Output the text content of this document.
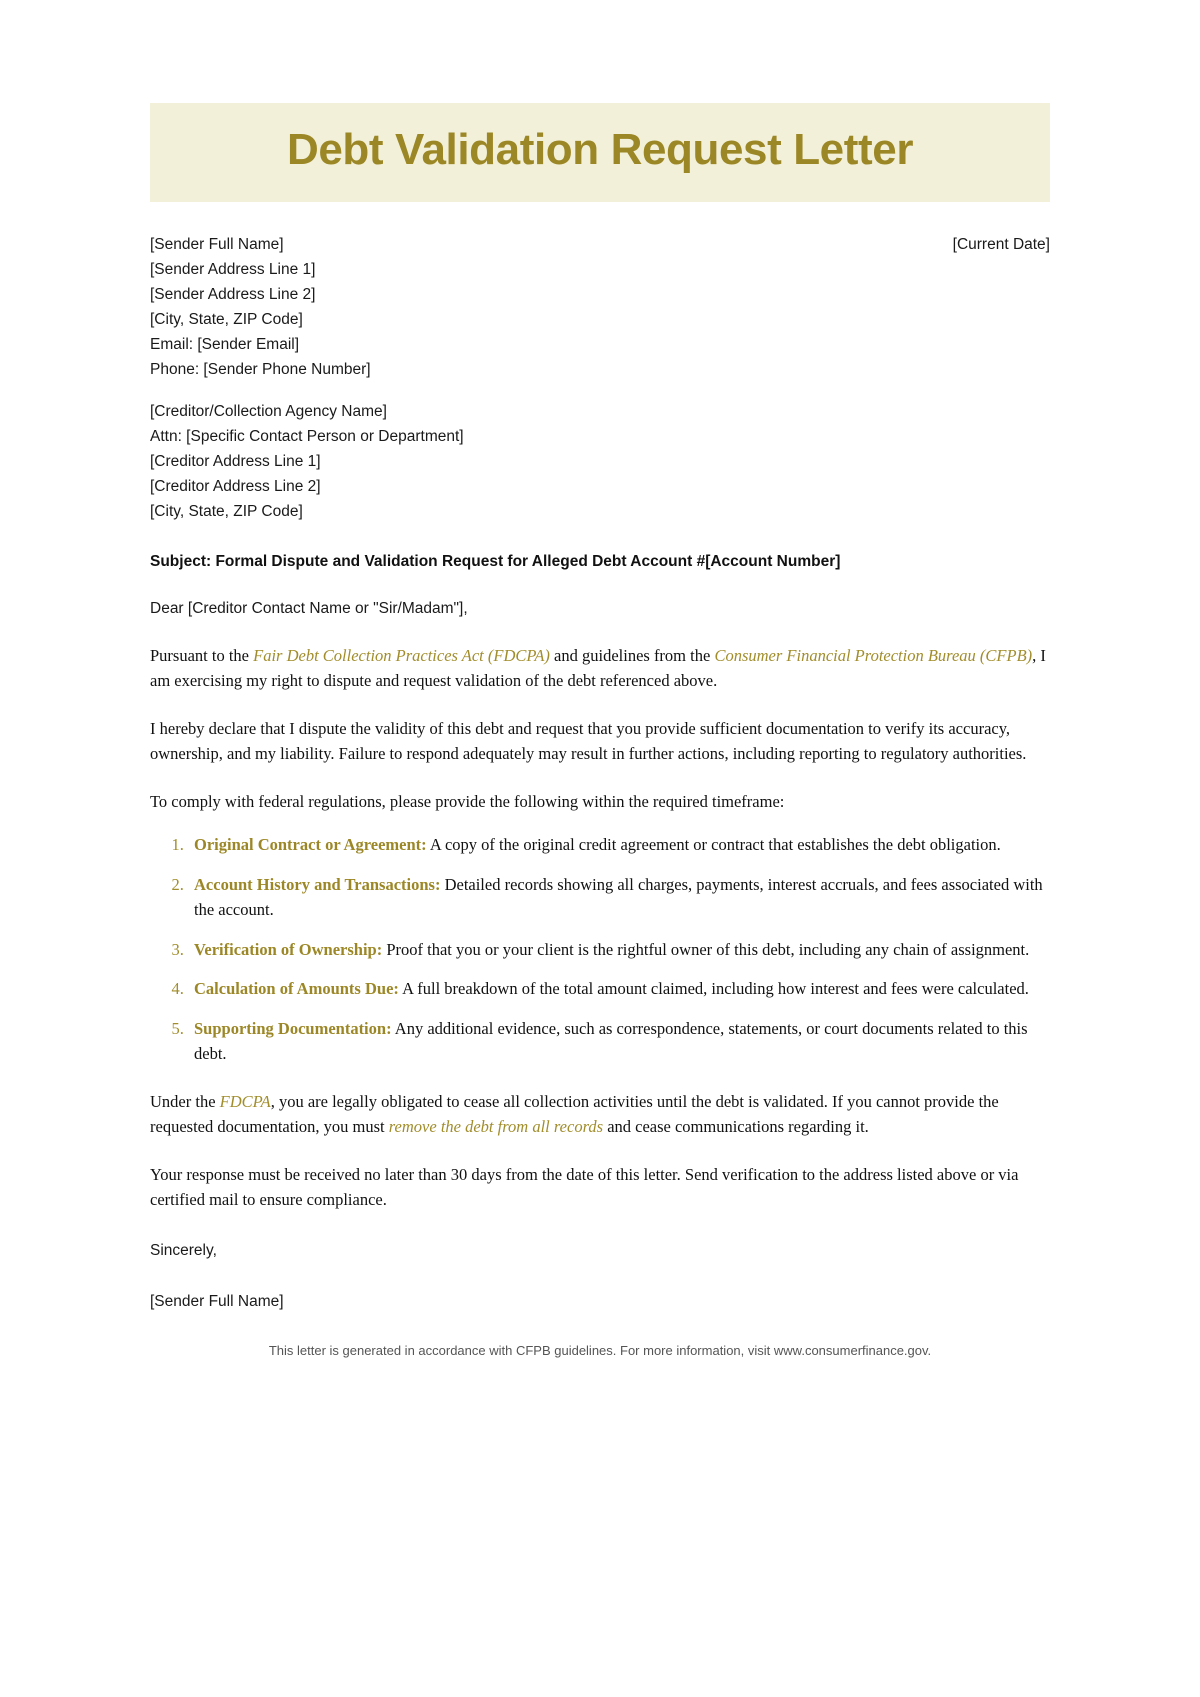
Debt Validation Request Letter
[Sender Full Name]
[Sender Address Line 1]
[Sender Address Line 2]
[City, State, ZIP Code]
Email: [Sender Email]
Phone: [Sender Phone Number]
[Current Date]
[Creditor/Collection Agency Name]
Attn: [Specific Contact Person or Department]
[Creditor Address Line 1]
[Creditor Address Line 2]
[City, State, ZIP Code]
Subject: Formal Dispute and Validation Request for Alleged Debt Account #[Account Number]
Dear [Creditor Contact Name or "Sir/Madam"],

Pursuant to the Fair Debt Collection Practices Act (FDCPA) and guidelines from the Consumer Financial Protection Bureau (CFPB), I am exercising my right to dispute and request validation of the debt referenced above.

I hereby declare that I dispute the validity of this debt and request that you provide sufficient documentation to verify its accuracy, ownership, and my liability. Failure to respond adequately may result in further actions, including reporting to regulatory authorities.

To comply with federal regulations, please provide the following within the required timeframe:

1. Original Contract or Agreement: A copy of the original credit agreement or contract that establishes the debt obligation.
2. Account History and Transactions: Detailed records showing all charges, payments, interest accruals, and fees associated with the account.
3. Verification of Ownership: Proof that you or your client is the rightful owner of this debt, including any chain of assignment.
4. Calculation of Amounts Due: A full breakdown of the total amount claimed, including how interest and fees were calculated.
5. Supporting Documentation: Any additional evidence, such as correspondence, statements, or court documents related to this debt.

Under the FDCPA, you are legally obligated to cease all collection activities until the debt is validated. If you cannot provide the requested documentation, you must remove the debt from all records and cease communications regarding it.

Your response must be received no later than 30 days from the date of this letter. Send verification to the address listed above or via certified mail to ensure compliance.

Sincerely,
[Sender Full Name]
This letter is generated in accordance with CFPB guidelines. For more information, visit www.consumerfinance.gov.
